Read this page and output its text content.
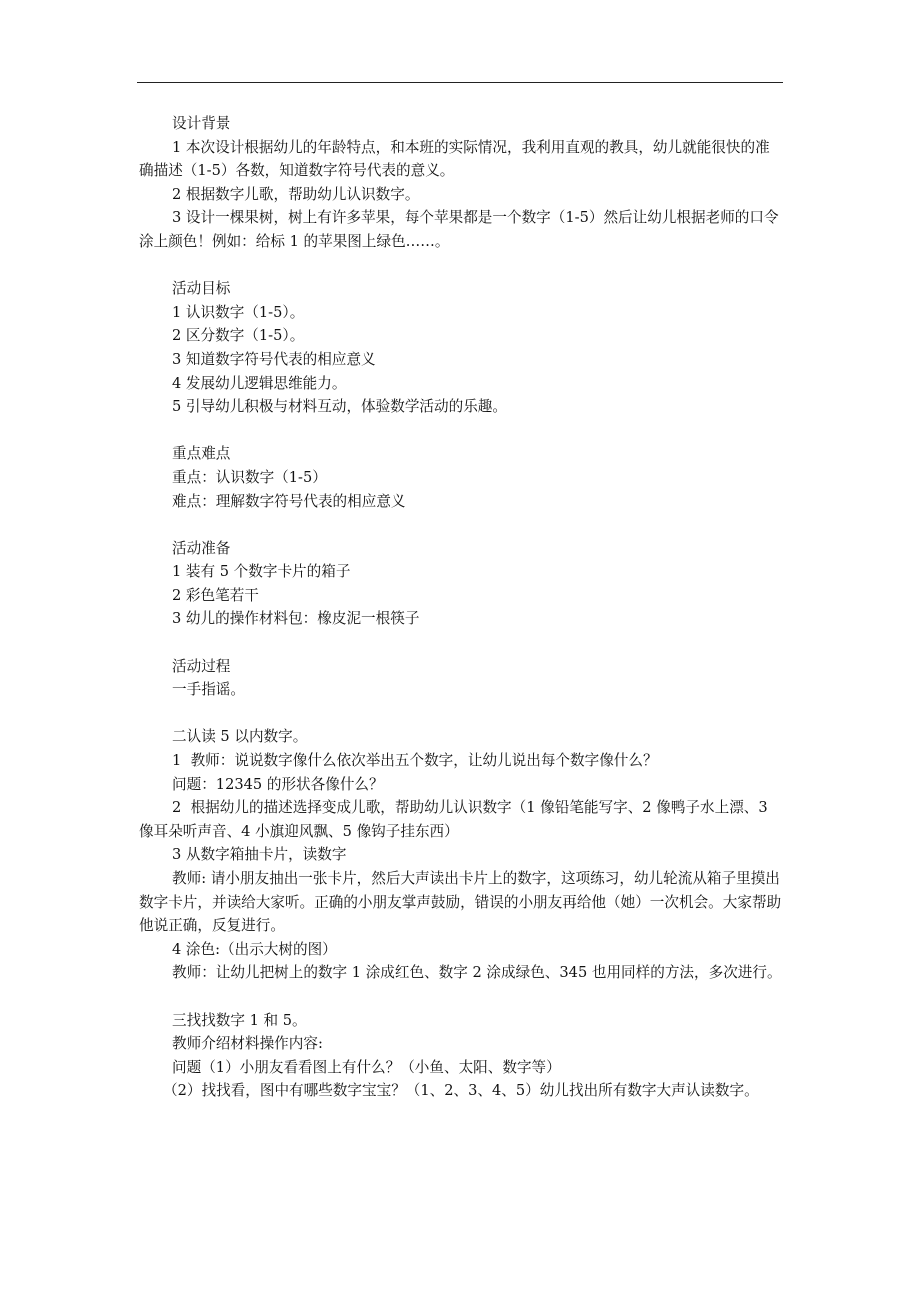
设计背景

1 本次设计根据幼儿的年龄特点，和本班的实际情况，我利用直观的教具，幼儿就能很快的准确描述（1-5）各数，知道数字符号代表的意义。

2 根据数字儿歌，帮助幼儿认识数字。

3 设计一棵果树，树上有许多苹果，每个苹果都是一个数字（1-5）然后让幼儿根据老师的口令涂上颜色！例如：给标 1 的苹果图上绿色……。

活动目标

1 认识数字（1-5）。

2 区分数字（1-5）。

3 知道数字符号代表的相应意义

4 发展幼儿逻辑思维能力。

5 引导幼儿积极与材料互动，体验数学活动的乐趣。

重点难点

重点：认识数字（1-5）

难点：理解数字符号代表的相应意义

活动准备

1 装有 5 个数字卡片的箱子

2 彩色笔若干

3 幼儿的操作材料包：橡皮泥一根筷子

活动过程

一手指谣。

二认读 5 以内数字。

1  教师：说说数字像什么依次举出五个数字，让幼儿说出每个数字像什么？

问题：12345 的形状各像什么？

2  根据幼儿的描述选择变成儿歌，帮助幼儿认识数字（1 像铅笔能写字、2 像鸭子水上漂、3 像耳朵听声音、4 小旗迎风飘、5 像钩子挂东西）

3 从数字箱抽卡片，读数字

教师: 请小朋友抽出一张卡片，然后大声读出卡片上的数字，这项练习，幼儿轮流从箱子里摸出数字卡片，并读给大家听。正确的小朋友掌声鼓励，错误的小朋友再给他（她）一次机会。大家帮助他说正确，反复进行。

4 涂色:（出示大树的图）

教师：让幼儿把树上的数字 1 涂成红色、数字 2 涂成绿色、345 也用同样的方法，多次进行。

三找找数字 1 和 5。

教师介绍材料操作内容:

问题（1）小朋友看看图上有什么？（小鱼、太阳、数字等）

（2）找找看，图中有哪些数字宝宝？（1、2、3、4、5）幼儿找出所有数字大声认读数字。
